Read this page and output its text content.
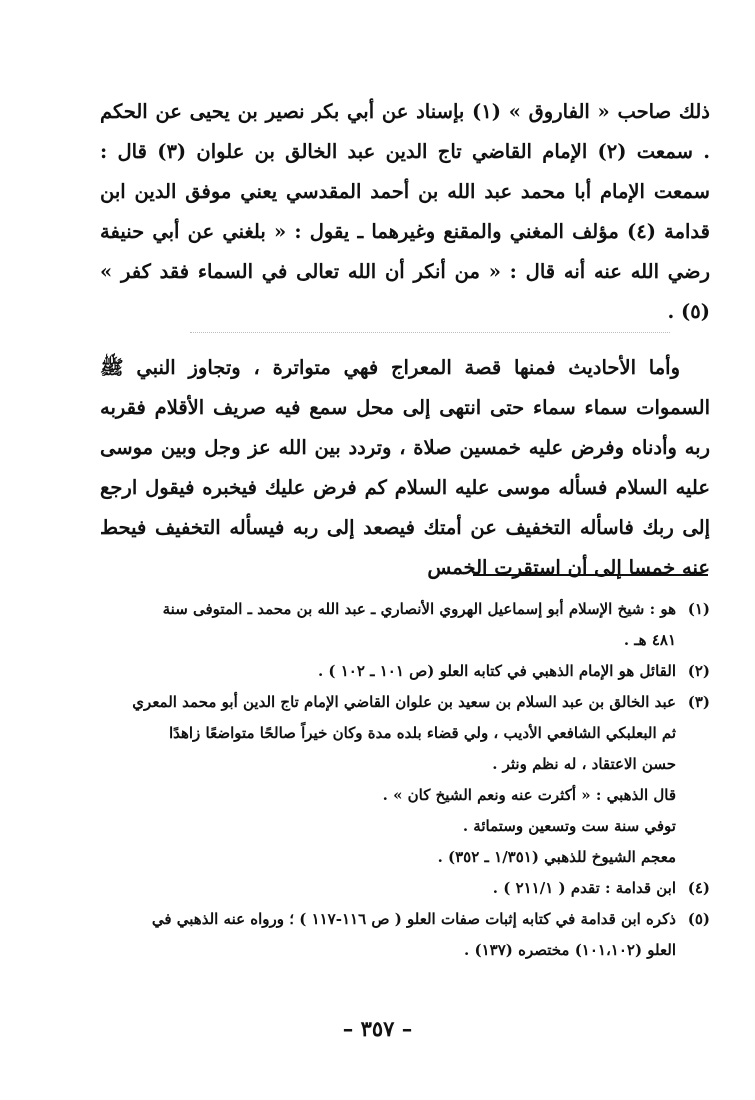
ذلك صاحب « الفاروق » (١) بإسناد عن أبي بكر نصير بن يحيى عن الحكم . سمعت (٢) الإمام القاضي تاج الدين عبد الخالق بن علوان (٣) قال : سمعت الإمام أبا محمد عبد الله بن أحمد المقدسي يعني موفق الدين ابن قدامة (٤) مؤلف المغني والمقنع وغيرهما ـ يقول : « بلغني عن أبي حنيفة رضي الله عنه أنه قال : « من أنكر أن الله تعالى في السماء فقد كفر » (٥) .

وأما الأحاديث فمنها قصة المعراج فهي متواترة ، وتجاوز النبي ﷺ السموات سماء سماء حتى انتهى إلى محل سمع فيه صريف الأقلام فقربه ربه وأدناه وفرض عليه خمسين صلاة ، وتردد بين الله عز وجل وبين موسى عليه السلام فسأله موسى عليه السلام كم فرض عليك فيخبره فيقول ارجع إلى ربك فاسأله التخفيف عن أمتك فيصعد إلى ربه فيسأله التخفيف فيحط عنه خمسا إلى أن استقرت الخمس

(١)
هو : شيخ الإسلام أبو إسماعيل الهروي الأنصاري ـ عبد الله بن محمد ـ المتوفى سنة
٤٨١ هـ .
(٢)
القائل هو الإمام الذهبي في كتابه العلو (ص ١٠١ ـ ١٠٢ ) .
(٣)
عبد الخالق بن عبد السلام بن سعيد بن علوان القاضي الإمام تاج الدين أبو محمد المعري
ثم البعلبكي الشافعي الأديب ، ولي قضاء بلده مدة وكان خيراً صالحًا متواضعًا زاهدًا
حسن الاعتقاد ، له نظم ونثر .
قال الذهبي : « أكثرت عنه ونعم الشيخ كان » .
توفي سنة ست وتسعين وستمائة .
معجم الشيوخ للذهبي (١/٣٥١ ـ ٣٥٢) .
(٤)
ابن قدامة : تقدم ( ٢١١/١ ) .
(٥)
ذكره ابن قدامة في كتابه إثبات صفات العلو ( ص ١١٦-١١٧ ) ؛ ورواه عنه الذهبي في
العلو (١٠١،١٠٢) مختصره (١٣٧) .
– ٣٥٧ –
